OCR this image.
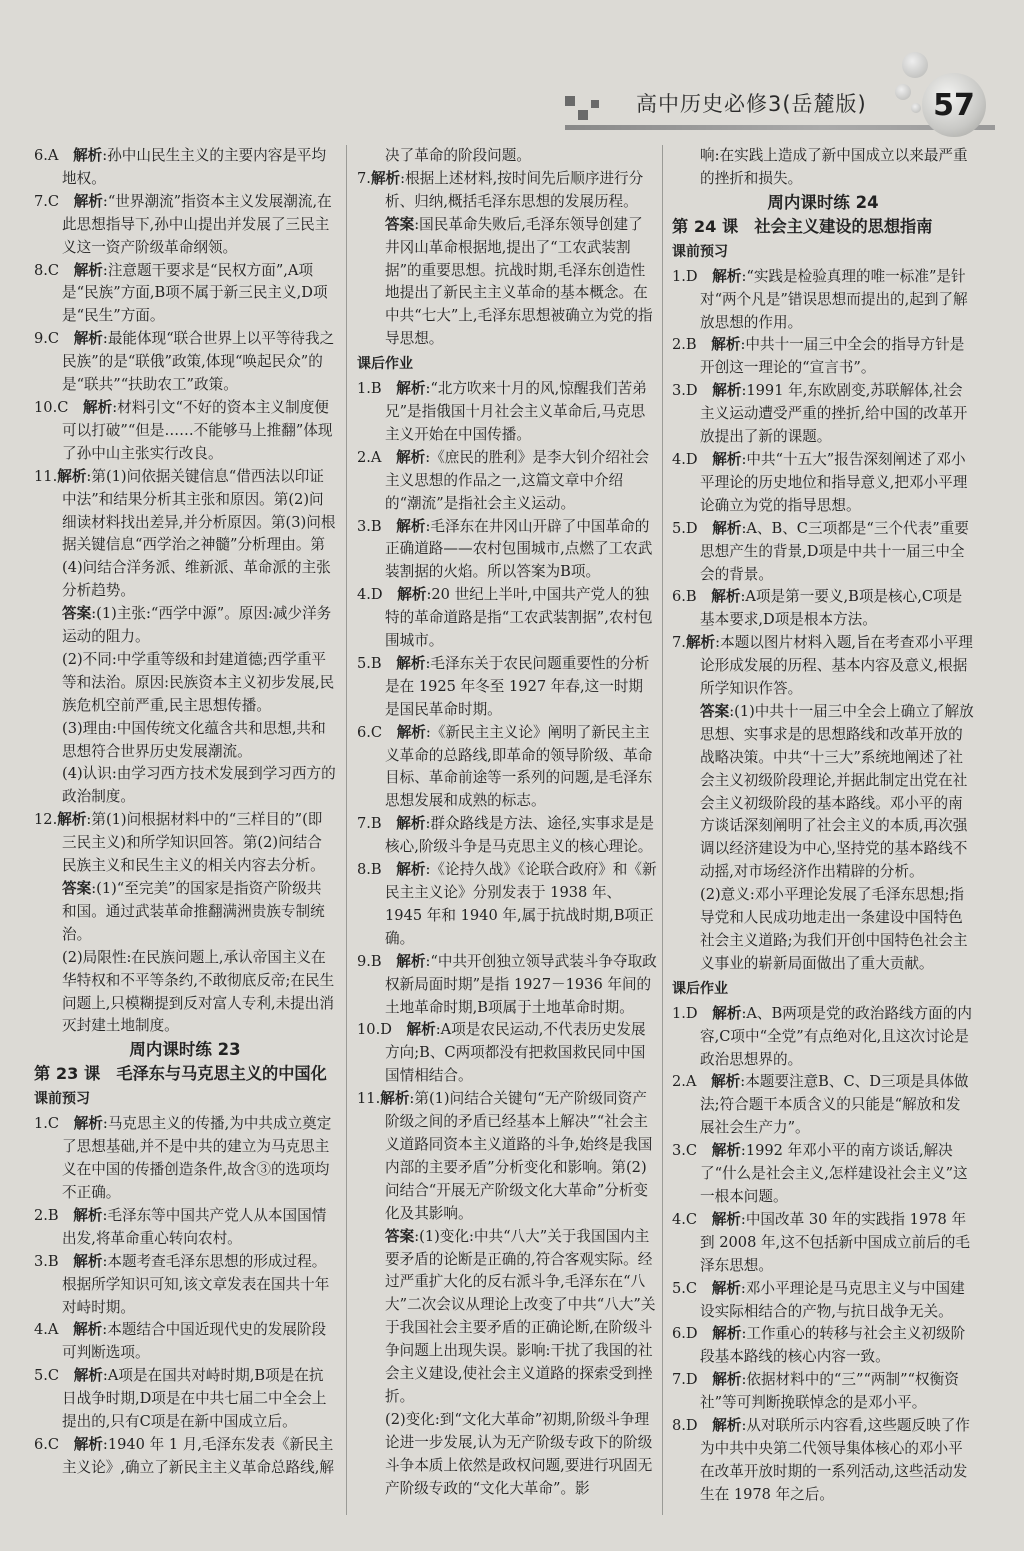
高中历史必修3(岳麓版) 57

6.A　 解析:孙中山民生主义的主要内容是平均地权。

7.C　 解析:“世界潮流”指资本主义发展潮流,在此思想指导下,孙中山提出并发展了三民主义这一资产阶级革命纲领。

8.C　 解析:注意题干要求是“民权方面”,A项是“民族”方面,B项不属于新三民主义,D项是“民生”方面。

9.C　 解析:最能体现“联合世界上以平等待我之民族”的是“联俄”政策,体现“唤起民众”的是“联共”“扶助农工”政策。

10.C　 解析:材料引文“不好的资本主义制度便可以打破”“但是……不能够马上推翻”体现了孙中山主张实行改良。

11.解析:第(1)问依据关键信息“借西法以印证中法”和结果分析其主张和原因。第(2)问细读材料找出差异,并分析原因。第(3)问根据关键信息“西学治之神髓”分析理由。第(4)问结合洋务派、维新派、革命派的主张分析趋势。

答案:(1)主张:“西学中源”。原因:减少洋务运动的阻力。

(2)不同:中学重等级和封建道德;西学重平等和法治。原因:民族资本主义初步发展,民族危机空前严重,民主思想传播。

(3)理由:中国传统文化蕴含共和思想,共和思想符合世界历史发展潮流。

(4)认识:由学习西方技术发展到学习西方的政治制度。

12.解析:第(1)问根据材料中的“三样目的”(即三民主义)和所学知识回答。第(2)问结合民族主义和民生主义的相关内容去分析。

答案:(1)“至完美”的国家是指资产阶级共和国。通过武装革命推翻满洲贵族专制统治。

(2)局限性:在民族问题上,承认帝国主义在华特权和不平等条约,不敢彻底反帝;在民生问题上,只模糊提到反对富人专利,未提出消灭封建土地制度。

周内课时练 23

第 23 课　毛泽东与马克思主义的中国化

课前预习

1.C　 解析:马克思主义的传播,为中共成立奠定了思想基础,并不是中共的建立为马克思主义在中国的传播创造条件,故含③的选项均不正确。

2.B　 解析:毛泽东等中国共产党人从本国国情出发,将革命重心转向农村。

3.B　 解析:本题考查毛泽东思想的形成过程。根据所学知识可知,该文章发表在国共十年对峙时期。

4.A　 解析:本题结合中国近现代史的发展阶段可判断选项。

5.C　 解析:A项是在国共对峙时期,B项是在抗日战争时期,D项是在中共七届二中全会上提出的,只有C项是在新中国成立后。

6.C　 解析:1940 年 1 月,毛泽东发表《新民主主义论》,确立了新民主主义革命总路线,解

决了革命的阶段问题。

7.解析:根据上述材料,按时间先后顺序进行分析、归纳,概括毛泽东思想的发展历程。

答案:国民革命失败后,毛泽东领导创建了井冈山革命根据地,提出了“工农武装割据”的重要思想。抗战时期,毛泽东创造性地提出了新民主主义革命的基本概念。在中共“七大”上,毛泽东思想被确立为党的指导思想。

课后作业

1.B　 解析:“北方吹来十月的风,惊醒我们苦弟兄”是指俄国十月社会主义革命后,马克思主义开始在中国传播。

2.A　 解析:《庶民的胜利》是李大钊介绍社会主义思想的作品之一,这篇文章中介绍的“潮流”是指社会主义运动。

3.B　 解析:毛泽东在井冈山开辟了中国革命的正确道路——农村包围城市,点燃了工农武装割据的火焰。所以答案为B项。

4.D　 解析:20 世纪上半叶,中国共产党人的独特的革命道路是指“工农武装割据”,农村包围城市。

5.B　 解析:毛泽东关于农民问题重要性的分析是在 1925 年冬至 1927 年春,这一时期是国民革命时期。

6.C　 解析:《新民主主义论》阐明了新民主主义革命的总路线,即革命的领导阶级、革命目标、革命前途等一系列的问题,是毛泽东思想发展和成熟的标志。

7.B　 解析:群众路线是方法、途径,实事求是是核心,阶级斗争是马克思主义的核心理论。

8.B　 解析:《论持久战》《论联合政府》和《新民主主义论》分别发表于 1938 年、1945 年和 1940 年,属于抗战时期,B项正确。

9.B　 解析:“中共开创独立领导武装斗争夺取政权新局面时期”是指 1927－1936 年间的土地革命时期,B项属于土地革命时期。

10.D　 解析:A项是农民运动,不代表历史发展方向;B、C两项都没有把救国救民同中国国情相结合。

11.解析:第(1)问结合关键句“无产阶级同资产阶级之间的矛盾已经基本上解决”“社会主义道路同资本主义道路的斗争,始终是我国内部的主要矛盾”分析变化和影响。第(2)问结合“开展无产阶级文化大革命”分析变化及其影响。

答案:(1)变化:中共“八大”关于我国国内主要矛盾的论断是正确的,符合客观实际。经过严重扩大化的反右派斗争,毛泽东在“八大”二次会议从理论上改变了中共“八大”关于我国社会主要矛盾的正确论断,在阶级斗争问题上出现失误。影响:干扰了我国的社会主义建设,使社会主义道路的探索受到挫折。

(2)变化:到“文化大革命”初期,阶级斗争理论进一步发展,认为无产阶级专政下的阶级斗争本质上依然是政权问题,要进行巩固无产阶级专政的“文化大革命”。影

响:在实践上造成了新中国成立以来最严重的挫折和损失。

周内课时练 24

第 24 课　社会主义建设的思想指南

课前预习

1.D　 解析:“实践是检验真理的唯一标准”是针对“两个凡是”错误思想而提出的,起到了解放思想的作用。

2.B　 解析:中共十一届三中全会的指导方针是开创这一理论的“宣言书”。

3.D　 解析:1991 年,东欧剧变,苏联解体,社会主义运动遭受严重的挫折,给中国的改革开放提出了新的课题。

4.D　 解析:中共“十五大”报告深刻阐述了邓小平理论的历史地位和指导意义,把邓小平理论确立为党的指导思想。

5.D　 解析:A、B、C三项都是“三个代表”重要思想产生的背景,D项是中共十一届三中全会的背景。

6.B　 解析:A项是第一要义,B项是核心,C项是基本要求,D项是根本方法。

7.解析:本题以图片材料入题,旨在考查邓小平理论形成发展的历程、基本内容及意义,根据所学知识作答。

答案:(1)中共十一届三中全会上确立了解放思想、实事求是的思想路线和改革开放的战略决策。中共“十三大”系统地阐述了社会主义初级阶段理论,并据此制定出党在社会主义初级阶段的基本路线。邓小平的南方谈话深刻阐明了社会主义的本质,再次强调以经济建设为中心,坚持党的基本路线不动摇,对市场经济作出精辟的分析。

(2)意义:邓小平理论发展了毛泽东思想;指导党和人民成功地走出一条建设中国特色社会主义道路;为我们开创中国特色社会主义事业的崭新局面做出了重大贡献。

课后作业

1.D　 解析:A、B两项是党的政治路线方面的内容,C项中“全党”有点绝对化,且这次讨论是政治思想界的。

2.A　 解析:本题要注意B、C、D三项是具体做法;符合题干本质含义的只能是“解放和发展社会生产力”。

3.C　 解析:1992 年邓小平的南方谈话,解决了“什么是社会主义,怎样建设社会主义”这一根本问题。

4.C　 解析:中国改革 30 年的实践指 1978 年到 2008 年,这不包括新中国成立前后的毛泽东思想。

5.C　 解析:邓小平理论是马克思主义与中国建设实际相结合的产物,与抗日战争无关。

6.D　 解析:工作重心的转移与社会主义初级阶段基本路线的核心内容一致。

7.D　 解析:依据材料中的“三”“两制”“权衡资社”等可判断挽联悼念的是邓小平。

8.D　 解析:从对联所示内容看,这些题反映了作为中共中央第二代领导集体核心的邓小平在改革开放时期的一系列活动,这些活动发生在 1978 年之后。
